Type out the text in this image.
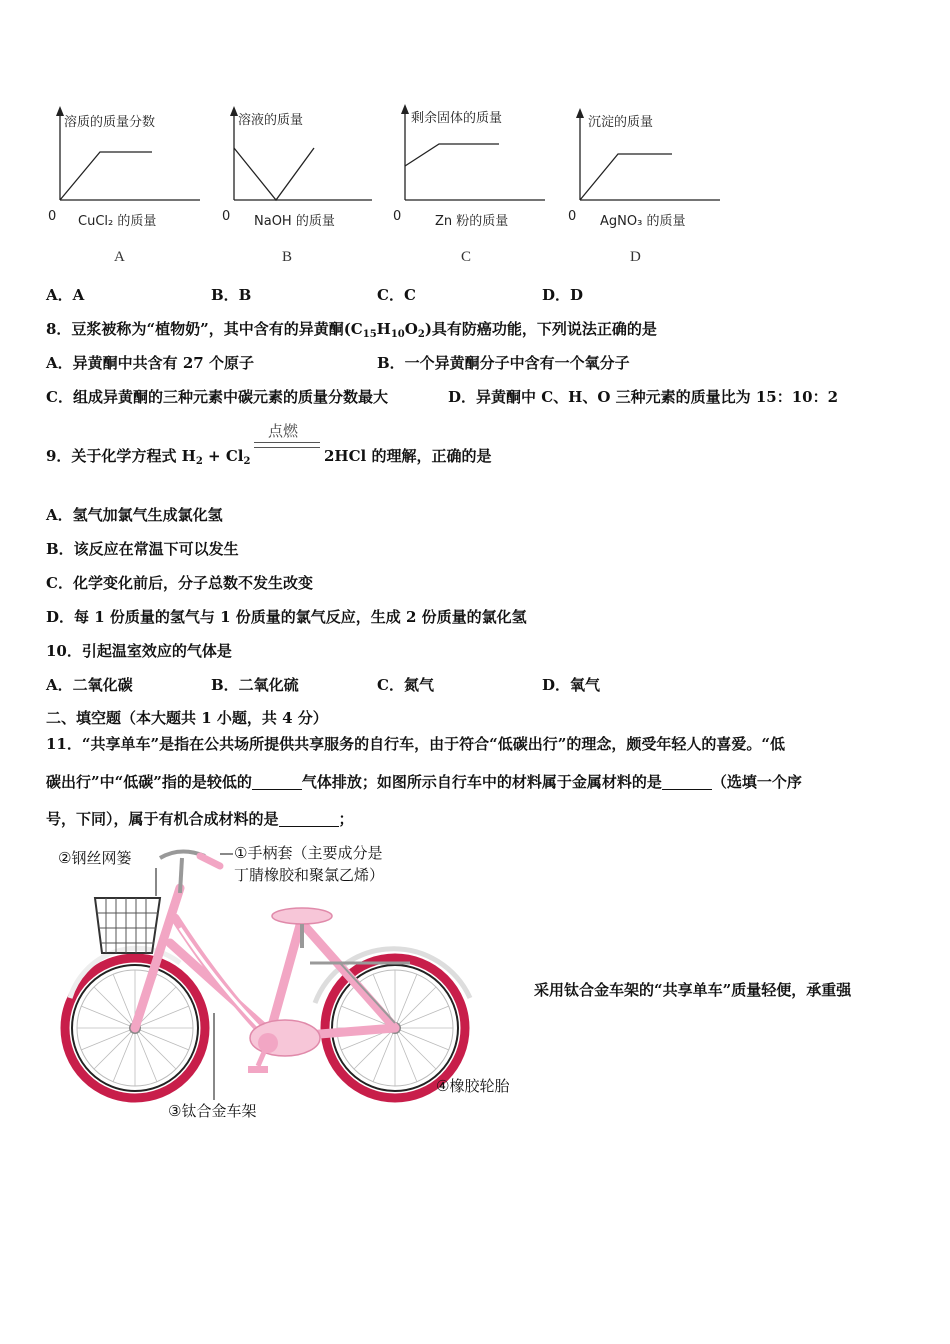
溶质的质量分数
0 CuCl₂ 的质量
A
溶液的质量
0 NaOH 的质量
B
剩余固体的质量
0	Zn 粉的质量
C
沉淀的质量
0 AgNO₃ 的质量
D
A．A	B．B	C．C	D．D
8．豆浆被称为“植物奶”，其中含有的异黄酮$(C_{15}H_{10}O_2)$具有防癌功能，下列说法正确的是
A．异黄酮中共含有 27 个原子	B．一个异黄酮分子中含有一个氧分子
C．组成异黄酮的三种元素中碳元素的质量分数最大	D．异黄酮中 C、H、O 三种元素的质量比为 15：10：2
9．关于化学方程式 $H_2 + Cl_2$
点燃
2HCl 的理解，正确的是
A．氢气加氯气生成氯化氢
B．该反应在常温下可以发生
C．化学变化前后，分子总数不发生改变
D．每 1 份质量的氢气与 1 份质量的氯气反应，生成 2 份质量的氯化氢
10．引起温室效应的气体是
A．二氧化碳	B．二氧化硫	C．氮气	D．氧气
二、填空题（本大题共 1 小题，共 4 分）
11．“共享单车”是指在公共场所提供共享服务的自行车，由于符合“低碳出行”的理念，颇受年轻人的喜爱。“低
碳出行”中“低碳”指的是较低的	气体排放；如图所示自行车中的材料属于金属材料的是	（选填一个序
号，下同），属于有机合成材料的是	；
②钢丝网篓	①手柄套（主要成分是
丁腈橡胶和聚氯乙烯）
③钛合金车架
④橡胶轮胎
采用钛合金车架的“共享单车”质量轻便，承重强
